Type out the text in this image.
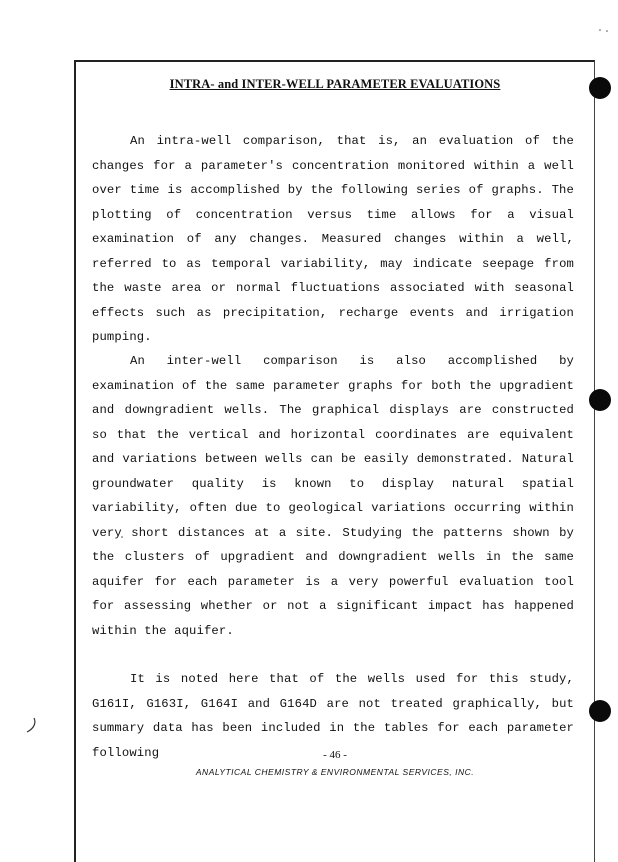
INTRA- and INTER-WELL PARAMETER EVALUATIONS

An intra-well comparison, that is, an evaluation of the changes for a parameter's concentration monitored within a well over time is accomplished by the following series of graphs. The plotting of concentration versus time allows for a visual examination of any changes. Measured changes within a well, referred to as temporal variability, may indicate seepage from the waste area or normal fluctuations associated with seasonal effects such as precipitation, recharge events and irrigation pumping.

An inter-well comparison is also accomplished by examination of the same parameter graphs for both the upgradient and downgradient wells. The graphical displays are constructed so that the vertical and horizontal coordinates are equivalent and variations between wells can be easily demonstrated. Natural groundwater quality is known to display natural spatial variability, often due to geological variations occurring within very short distances at a site. Studying the patterns shown by the clusters of upgradient and downgradient wells in the same aquifer for each parameter is a very powerful evaluation tool for assessing whether or not a significant impact has happened within the aquifer.

It is noted here that of the wells used for this study, G161I, G163I, G164I and G164D are not treated graphically, but summary data has been included in the tables for each parameter following	- 46 -

ANALYTICAL CHEMISTRY & ENVIRONMENTAL SERVICES, INC.
